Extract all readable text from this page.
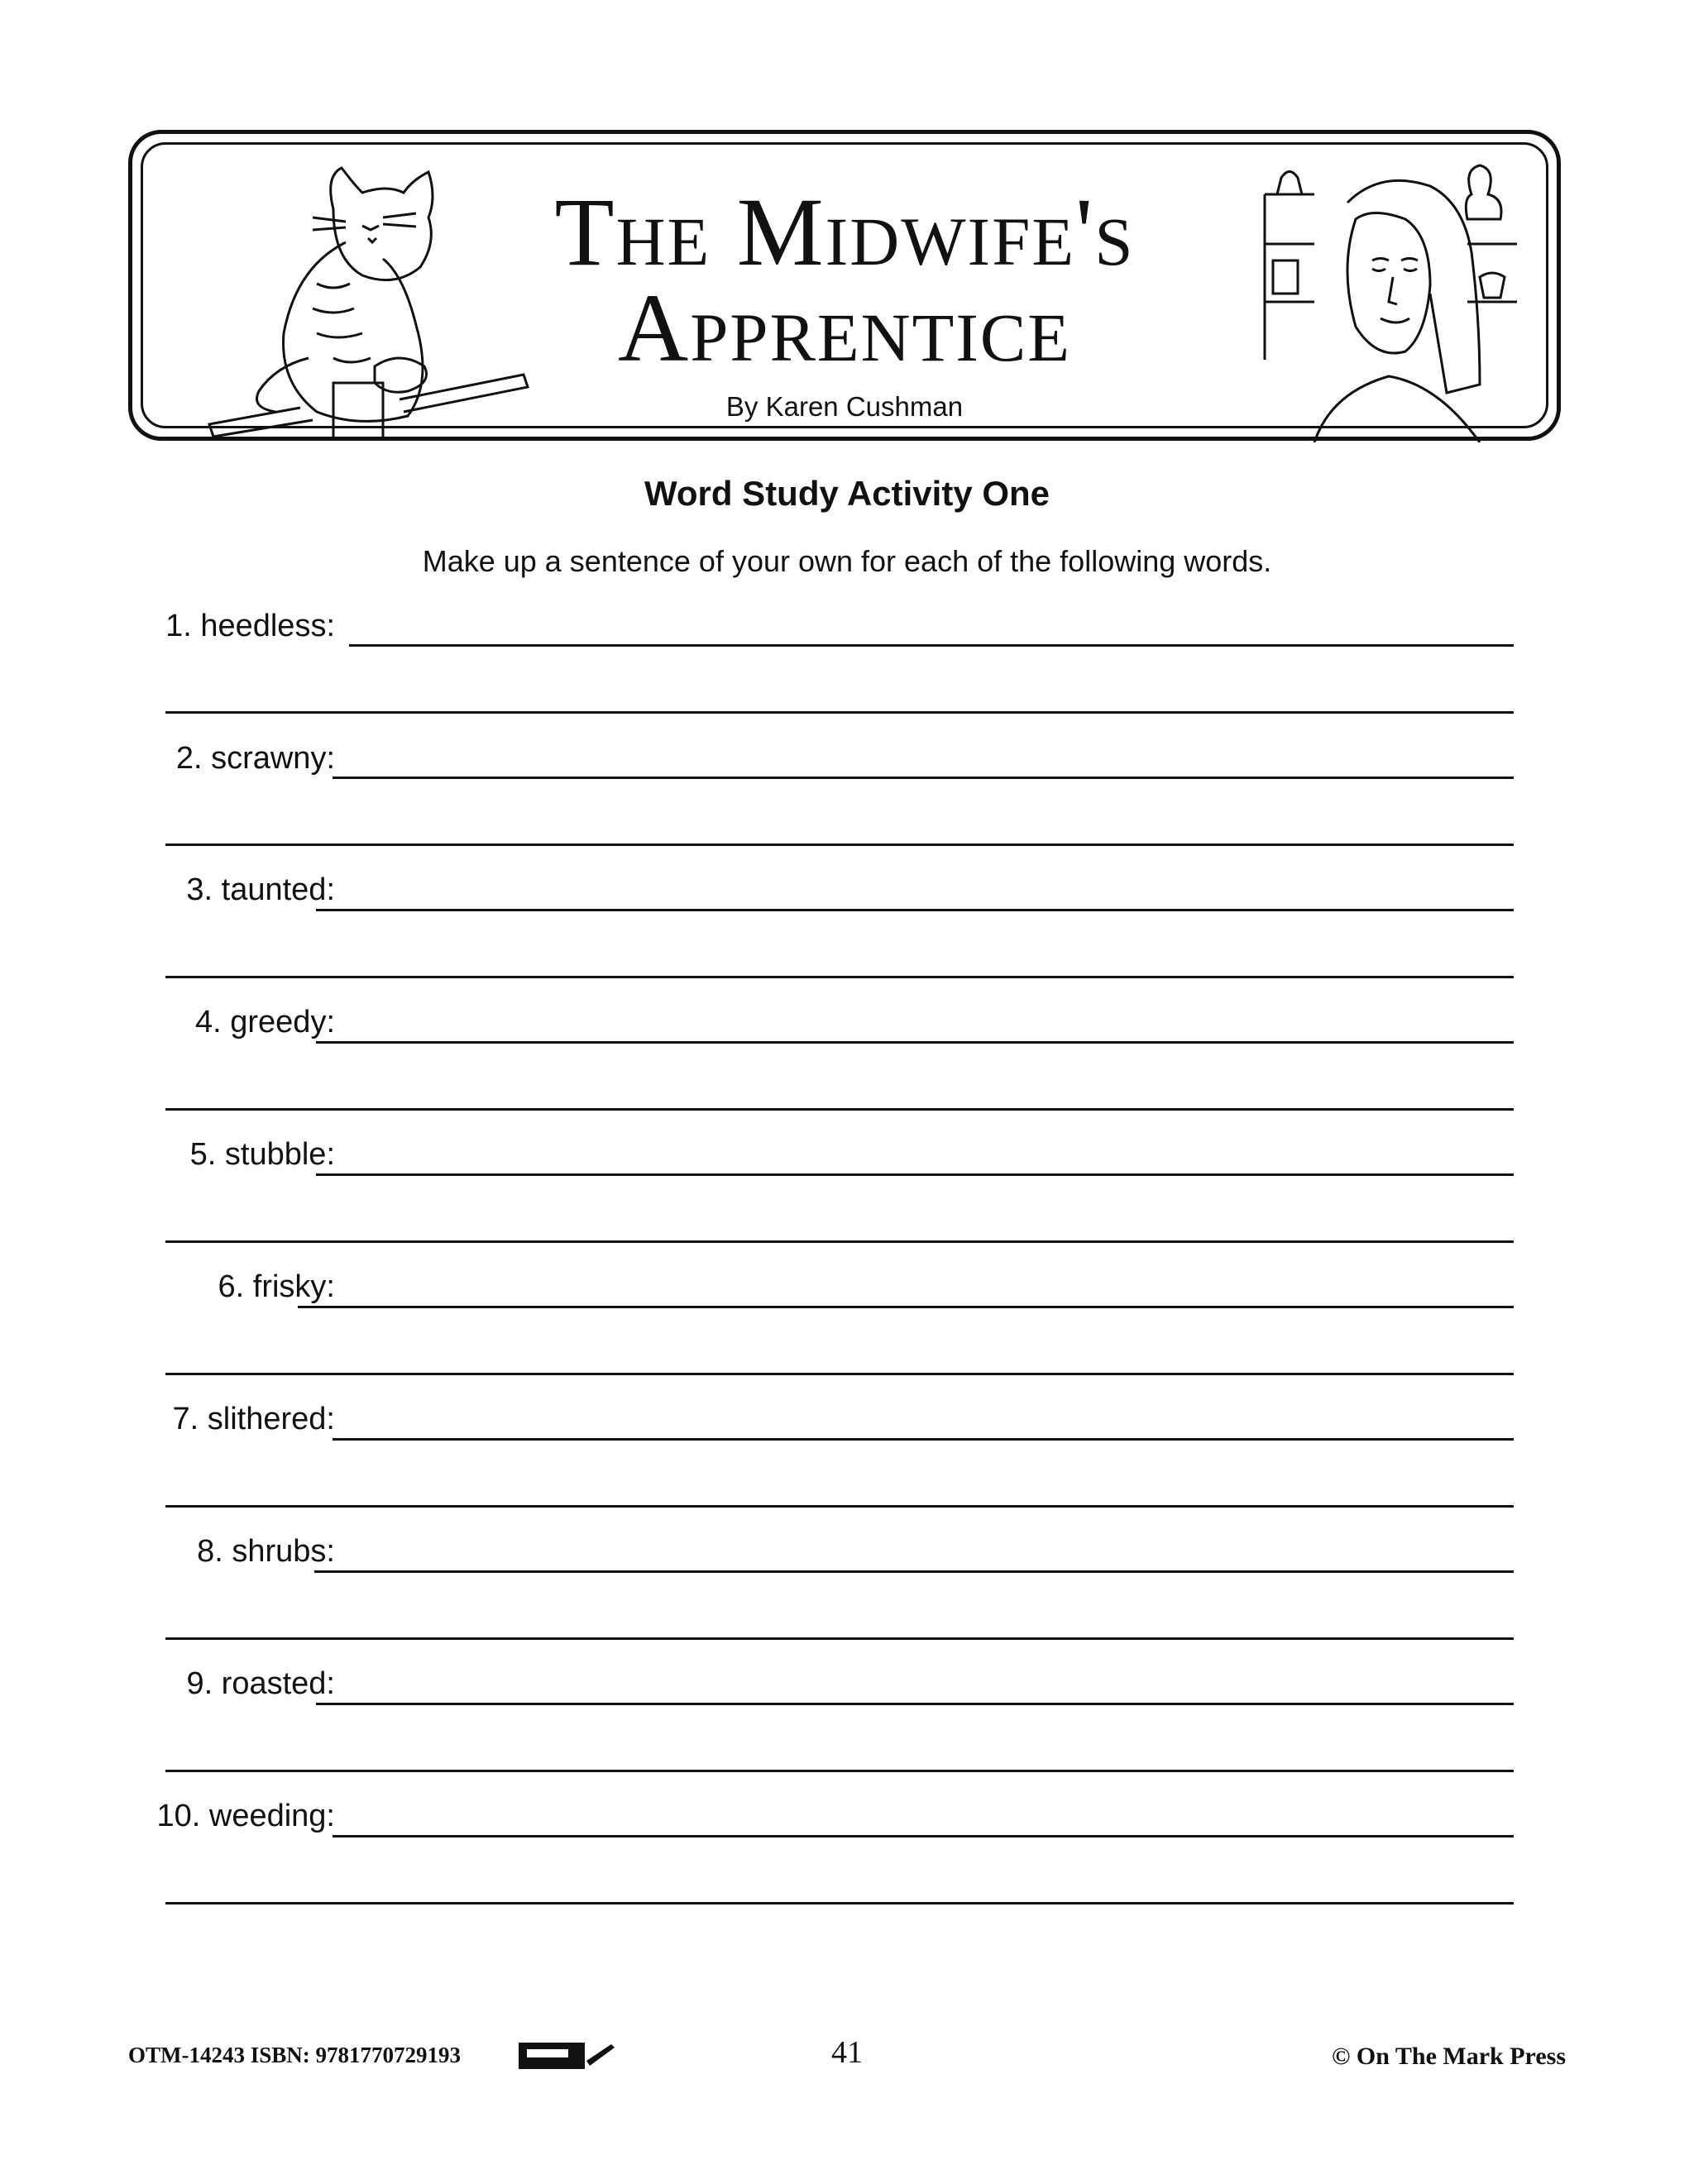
The Midwife's
Apprentice
By Karen Cushman
Word Study Activity One
Make up a sentence of your own for each of the following words.
1. heedless:
2. scrawny:
3. taunted:
4. greedy:
5. stubble:
6. frisky:
7. slithered:
8. shrubs:
9. roasted:
10. weeding:
OTM-14243 ISBN: 9781770729193	41	© On The Mark Press
